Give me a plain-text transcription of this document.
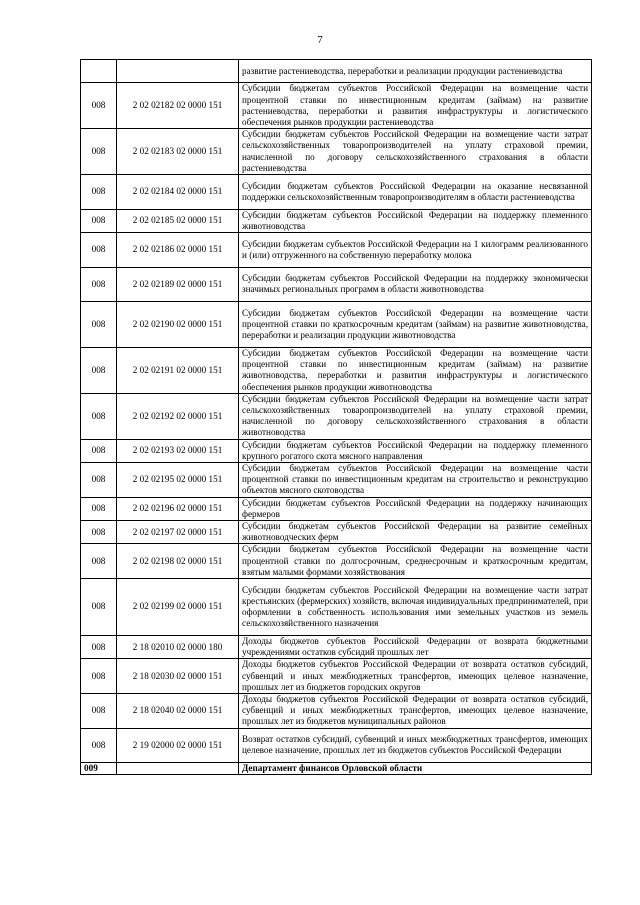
7
		развитие растениеводства, переработки и реализации продукции растениеводства
008	2 02 02182 02 0000 151	Субсидии бюджетам субъектов Российской Федерации на возмещение части процентной ставки по инвестиционным кредитам (займам) на развитие растениеводства, переработки и развития инфраструктуры и логистического обеспечения рынков продукции растениеводства
008	2 02 02183 02 0000 151	Субсидии бюджетам субъектов Российской Федерации на возмещение части затрат сельскохозяйственных товаропроизводителей на уплату страховой премии, начисленной по договору сельскохозяйственного страхования в области растениеводства
008	2 02 02184 02 0000 151	Субсидии бюджетам субъектов Российской Федерации на оказание несвязанной поддержки сельскохозяйственным товаропроизводителям в области растениеводства
008	2 02 02185 02 0000 151	Субсидии бюджетам субъектов Российской Федерации на поддержку племенного животноводства
008	2 02 02186 02 0000 151	Субсидии бюджетам субъектов Российской Федерации на 1 килограмм реализованного и (или) отгруженного на собственную переработку молока
008	2 02 02189 02 0000 151	Субсидии бюджетам субъектов Российской Федерации на поддержку экономически значимых региональных программ в области животноводства
008	2 02 02190 02 0000 151	Субсидии бюджетам субъектов Российской Федерации на возмещение части процентной ставки по краткосрочным кредитам (займам) на развитие животноводства, переработки и реализации продукции животноводства
008	2 02 02191 02 0000 151	Субсидии бюджетам субъектов Российской Федерации на возмещение части процентной ставки по инвестиционным кредитам (займам) на развитие животноводства, переработки и развития инфраструктуры и логистического обеспечения рынков продукции животноводства
008	2 02 02192 02 0000 151	Субсидии бюджетам субъектов Российской Федерации на возмещение части затрат сельскохозяйственных товаропроизводителей на уплату страховой премии, начисленной по договору сельскохозяйственного страхования в области животноводства
008	2 02 02193 02 0000 151	Субсидии бюджетам субъектов Российской Федерации на поддержку племенного крупного рогатого скота мясного направления
008	2 02 02195 02 0000 151	Субсидии бюджетам субъектов Российской Федерации на возмещение части процентной ставки по инвестиционным кредитам на строительство и реконструкцию объектов мясного скотоводства
008	2 02 02196 02 0000 151	Субсидии бюджетам субъектов Российской Федерации на поддержку начинающих фермеров
008	2 02 02197 02 0000 151	Субсидии бюджетам субъектов Российской Федерации на развитие семейных животноводческих ферм
008	2 02 02198 02 0000 151	Субсидии бюджетам субъектов Российской Федерации на возмещение части процентной ставки по долгосрочным, среднесрочным и краткосрочным кредитам, взятым малыми формами хозяйствования
008	2 02 02199 02 0000 151	Субсидии бюджетам субъектов Российской Федерации на возмещение части затрат крестьянских (фермерских) хозяйств, включая индивидуальных предпринимателей, при оформлении в собственность использования ими земельных участков из земель сельскохозяйственного назначения
008	2 18 02010 02 0000 180	Доходы бюджетов субъектов Российской Федерации от возврата бюджетными учреждениями остатков субсидий прошлых лет
008	2 18 02030 02 0000 151	Доходы бюджетов субъектов Российской Федерации от возврата остатков субсидий, субвенций и иных межбюджетных трансфертов, имеющих целевое назначение, прошлых лет из бюджетов городских округов
008	2 18 02040 02 0000 151	Доходы бюджетов субъектов Российской Федерации от возврата остатков субсидий, субвенций и иных межбюджетных трансфертов, имеющих целевое назначение, прошлых лет из бюджетов муниципальных районов
008	2 19 02000 02 0000 151	Возврат остатков субсидий, субвенций и иных межбюджетных трансфертов, имеющих целевое назначение, прошлых лет из бюджетов субъектов Российской Федерации
009		Департамент финансов Орловской области
